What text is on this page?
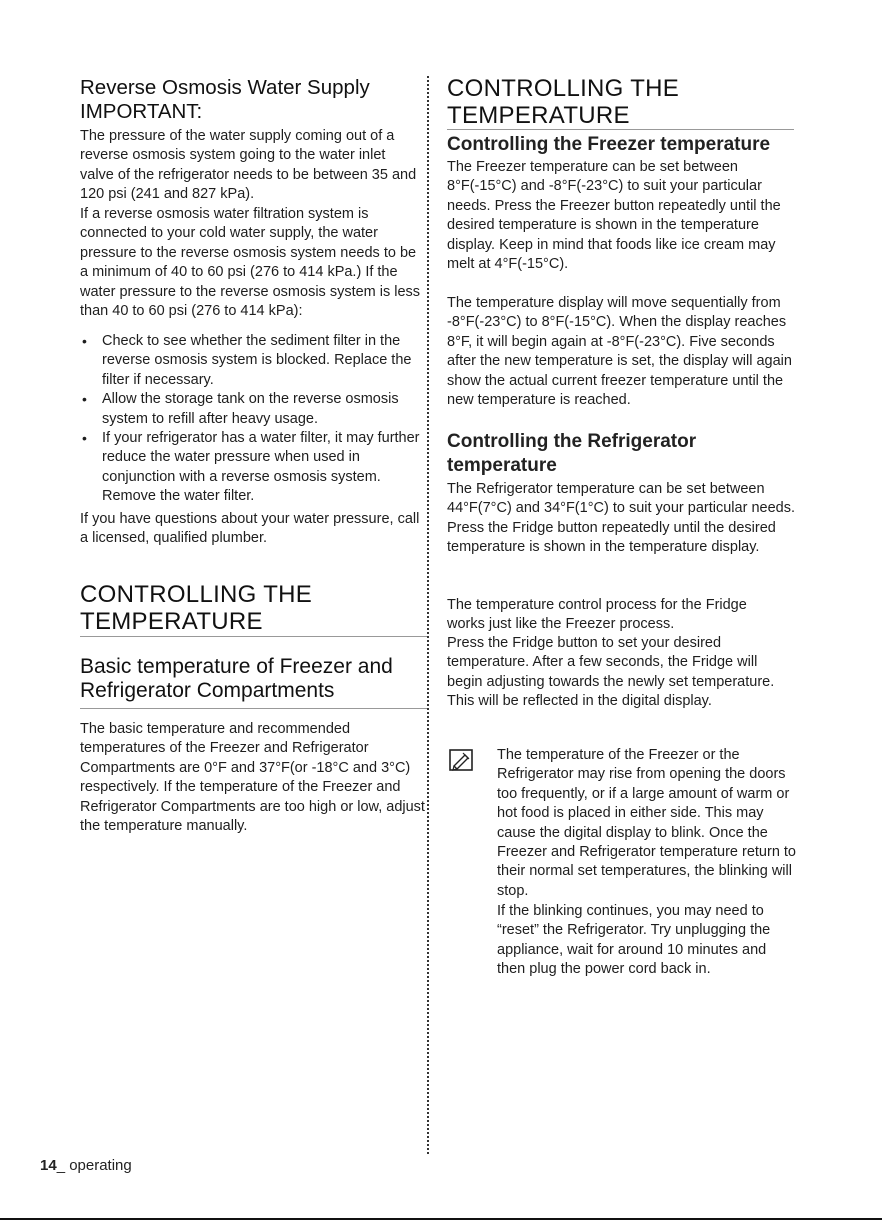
Reverse Osmosis Water Supply
IMPORTANT:

The pressure of the water supply coming out of a reverse osmosis system going to the water inlet valve of the refrigerator needs to be between 35 and 120 psi (241 and 827 kPa).

If a reverse osmosis water filtration system is connected to your cold water supply, the water pressure to the reverse osmosis system needs to be a minimum of 40 to 60 psi (276 to 414 kPa.) If the water pressure to the reverse osmosis system is less than 40 to 60 psi (276 to 414 kPa):

• Check to see whether the sediment filter in the reverse osmosis system is blocked. Replace the filter if necessary.
• Allow the storage tank on the reverse osmosis system to refill after heavy usage.
• If your refrigerator has a water filter, it may further reduce the water pressure when used in conjunction with a reverse osmosis system. Remove the water filter.

If you have questions about your water pressure, call a licensed, qualified plumber.

CONTROLLING THE TEMPERATURE
Basic temperature of Freezer and Refrigerator Compartments

The basic temperature and recommended temperatures of the Freezer and Refrigerator Compartments are 0°F and 37°F(or -18°C and 3°C) respectively. If the temperature of the Freezer and Refrigerator Compartments are too high or low, adjust the temperature manually.

CONTROLLING THE TEMPERATURE
Controlling the Freezer temperature

The Freezer temperature can be set between 8°F(-15°C) and -8°F(-23°C) to suit your particular needs. Press the Freezer button repeatedly until the desired temperature is shown in the temperature display. Keep in mind that foods like ice cream may melt at 4°F(-15°C).

The temperature display will move sequentially from -8°F(-23°C) to 8°F(-15°C). When the display reaches 8°F, it will begin again at -8°F(-23°C). Five seconds after the new temperature is set, the display will again show the actual current freezer temperature until the new temperature is reached.

Controlling the Refrigerator temperature

The Refrigerator temperature can be set between 44°F(7°C) and 34°F(1°C) to suit your particular needs. Press the Fridge button repeatedly until the desired temperature is shown in the temperature display.

The temperature control process for the Fridge works just like the Freezer process.

Press the Fridge button to set your desired temperature. After a few seconds, the Fridge will begin adjusting towards the newly set temperature. This will be reflected in the digital display.

The temperature of the Freezer or the Refrigerator may rise from opening the doors too frequently, or if a large amount of warm or hot food is placed in either side. This may cause the digital display to blink. Once the Freezer and Refrigerator temperature return to their normal set temperatures, the blinking will stop.

If the blinking continues, you may need to “reset” the Refrigerator. Try unplugging the appliance, wait for around 10 minutes and then plug the power cord back in.

14_ operating
